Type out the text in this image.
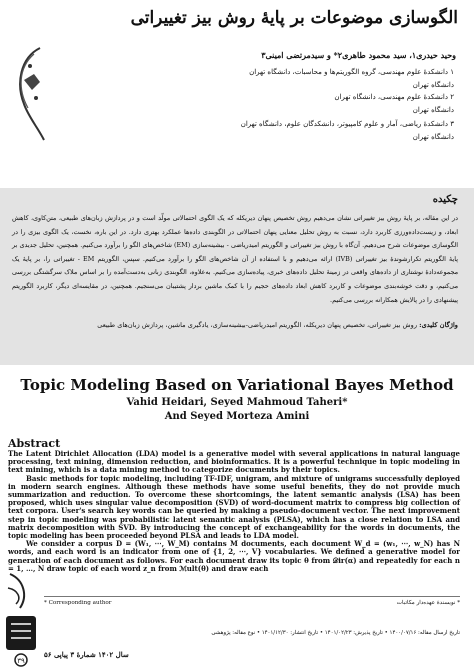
الگوسازی موضوعات بر پایهٔ روش بیز تغییراتی
وحید حیدری۱، سید محمود طاهری۲* و سیدمرتضی امینی۳
۱ دانشکدهٔ علوم مهندسی، گروه الگوریتم‌ها و محاسبات، دانشگاه تهران
دانشگاه تهران
۲ دانشکدهٔ علوم مهندسی، دانشگاه تهران
دانشگاه تهران
۳ دانشکدهٔ ریاضی، آمار و علوم کامپیوتر، دانشکدگان علوم، دانشگاه تهران
دانشگاه تهران
چکیده
در این مقاله، بر پایهٔ روش بیز تغییراتی نشان می‌دهیم روش تخصیص پنهان دیریکله که یک الگوی احتمالاتی مولّد است و در پردازش زبان‌های طبیعی، متن‌کاوی، کاهش ابعاد، و زیست‌داده‌ورزی کاربرد دارد، نسبت به روش تحلیل معنایی پنهان احتمالاتی در الگوبندی داده‌ها عملکرد بهتری دارد. در این باره، نخست، یک الگوی بیزی را در الگوسازی موضوعات شرح می‌دهیم. آن‌گاه با روش بیز تغییراتی و الگوریتم امیدریاضی - بیشینه‌سازی (EM) شاخص‌های الگو را برآورد می‌کنیم. همچنین، تحلیل جدیدی بر پایهٔ الگوریتم تکرارشوندهٔ بیز تغییراتی (IVB) ارائه می‌دهیم و با استفاده از آن شاخص‌های الگو را برآورد می‌کنیم. سپس، الگوریتم EM - تغییراتی را، بر پایهٔ یک مجموعه‌دادهٔ نوشتاری از داده‌های واقعی در زمینهٔ تحلیل داده‌های خبری، پیاده‌سازی می‌کنیم. به‌علاوه، الگوبندی زبانی به‌دست‌آمده را بر اساس ملاک سرگشتگی بررسی می‌کنیم، و دقت خوشه‌بندی موضوعات و کاربرد کاهش ابعاد داده‌های حجیم را با کمک ماشین بردار پشتیبان می‌سنجیم. همچنین، در مقایسه‌ای دیگر، کاربرد الگوریتم پیشنهادی را در پالایش همکارانه بررسی می‌کنیم.
واژگان کلیدی: روش بیز تغییراتی، تخصیص پنهان دیریکله، الگوریتم امیدریاضی-بیشینه‌سازی، یادگیری ماشین، پردازش زبان‌های طبیعی
Topic Modeling Based on Variational Bayes Method
Vahid Heidari, Seyed Mahmoud Taheri*
And Seyed Morteza Amini
Abstract

The Latent Dirichlet Allocation (LDA) model is a generative model with several applications in natural language processing, text mining, dimension reduction, and bioinformatics. It is a powerful technique in topic modeling in text mining, which is a data mining method to categorize documents by their topics.

Basic methods for topic modeling, including TF-IDF, unigram, and mixture of unigrams successfully deployed in modern search engines. Although these methods have some useful benefits, they do not provide much summarization and reduction. To overcome these shortcomings, the latent semantic analysis (LSA) has been proposed, which uses singular value decomposition (SVD) of word-document matrix to compress big collection of text corpora. User's search key words can be queried by making a pseudo-document vector. The next improvement step in topic modeling was probabilistic latent semantic analysis (PLSA), which has a close relation to LSA and matrix decomposition with SVD. By introducing the concept of exchangeability for the words in documents, the topic modeling has been proceeded beyond PLSA and leads to LDA model.

We consider a corpus D = (W₁, ⋯, W_M) contains M documents, each document W_d = (w₁, ⋯, w_N) has N words, and each word is an indicator from one of {1, 2, ⋯, V} vocabularies. We defined a generative model for generation of each document as follows. For each document draw its topic θ from 𝒟ir(α) and repeatedly for each n = 1, …, N draw topic of each word z_n from ℳult(θ) and draw each

۳۹
* Corresponding author	* نویسندهٔ عهده‌دار مکاتبات
تاریخ ارسال مقاله: ۱۴۰۰/۰۷/۱۶ • تاریخ پذیرش: ۱۴۰۱/۰۲/۲۳ • تاریخ انتشار: ۱۴۰۱/۱۲/۳۰ • نوع مقاله: پژوهشی
سال ۱۴۰۲ شمارهٔ ۳ پیاپی ۵۶
